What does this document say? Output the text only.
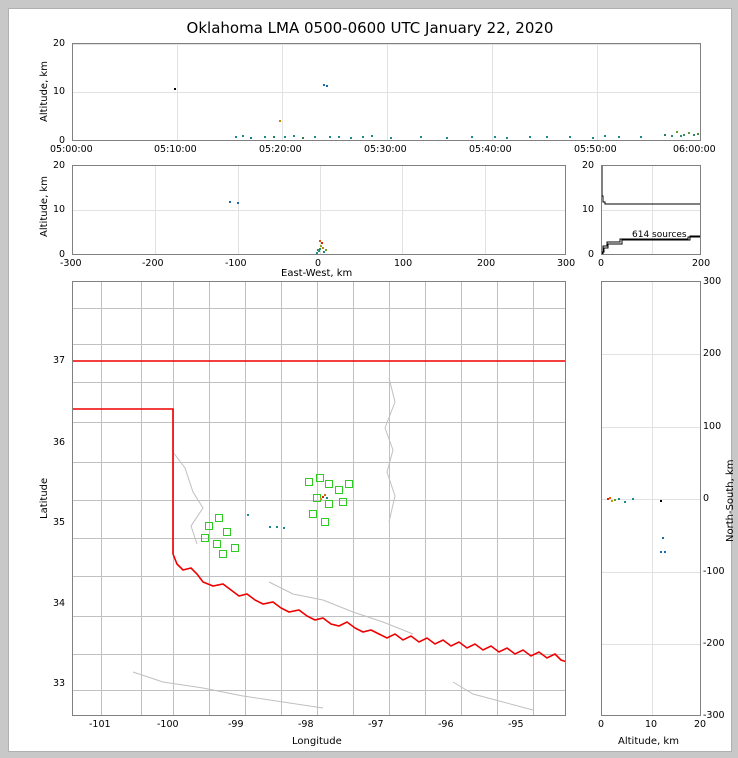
Oklahoma LMA 0500-0600 UTC January 22, 2020
20
10
0
Altitude, km
05:00:00	05:10:00	05:20:00	05:30:00	05:40:00	05:50:00	06:00:00
20
10
0
Altitude, km
-300	-200	-100	0	100	200	300
East-West, km
614 sources
20
10
0
0	200
37
36
35
34
33
Latitude
-101	-100	-99	-98	-97	-96	-95
Longitude
300
200
100
0
-100
-200
-300
North-South, km
0	10	20
Altitude, km
